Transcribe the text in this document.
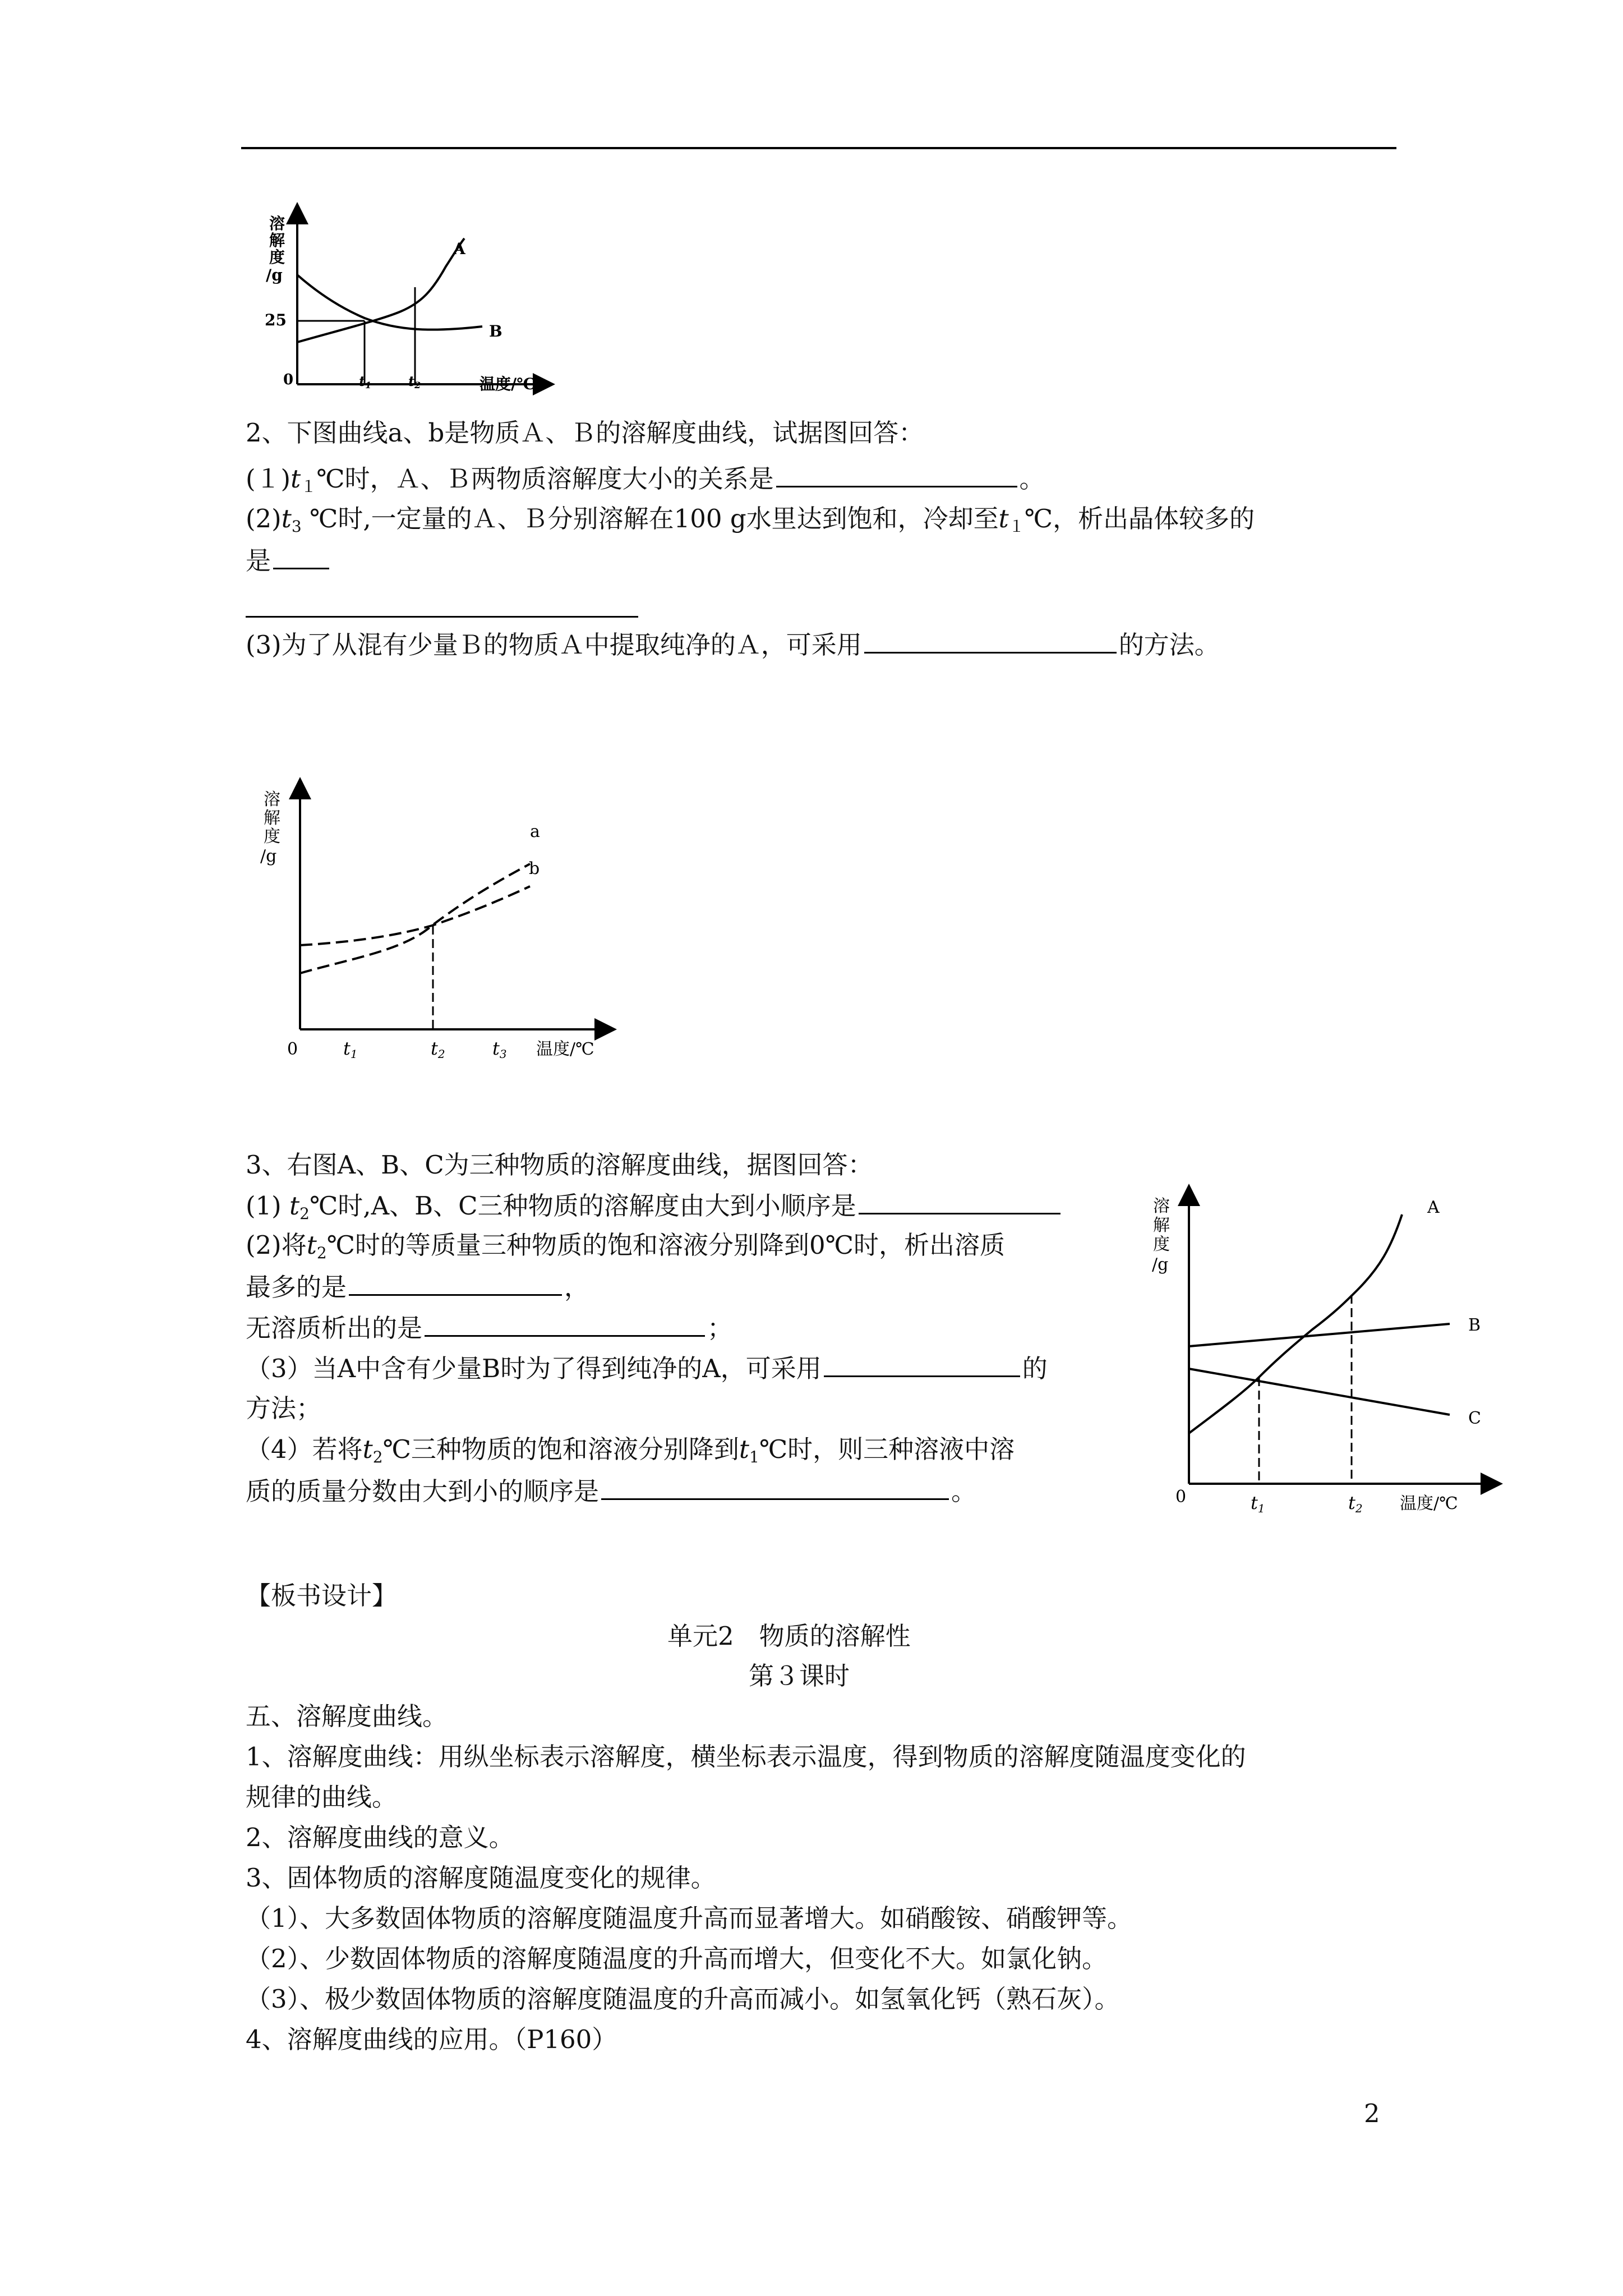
溶
解
度
/g
25
0	t1	t2	温度/℃
A
B
2、下图曲线a、b是物质Ａ、Ｂ的溶解度曲线，试据图回答：
$(1)t_1℃$时，Ａ、Ｂ两物质溶解度大小的关系是	。
$(2)t_3$ ℃时,一定量的Ａ、Ｂ分别溶解在100 g水里达到饱和，冷却至$t_1℃$，析出晶体较多的
是
(3)为了从混有少量Ｂ的物质Ａ中提取纯净的Ａ，可采用	的方法。
溶
解
度
/g
0	t1	t2	t3 温度/℃
a
b
3、右图A、B、C为三种物质的溶解度曲线，据图回答：
(1) $t_2℃$时,A、B、C三种物质的溶解度由大到小顺序是
(2)将$t_2℃$时的等质量三种物质的饱和溶液分别降到0℃时，析出溶质
最多的是	，
无溶质析出的是	；
（3）当A中含有少量B时为了得到纯净的A，可采用	的
方法；
（4）若将$t_2℃$三种物质的饱和溶液分别降到$t_1℃$时，则三种溶液中溶
质的质量分数由大到小的顺序是	。
溶
解
度
/g
0	t1	t2 温度/℃
A
B
C
【板书设计】
单元2　物质的溶解性
第３课时
五、溶解度曲线。
1、溶解度曲线：用纵坐标表示溶解度，横坐标表示温度，得到物质的溶解度随温度变化的
规律的曲线。
2、溶解度曲线的意义。
3、固体物质的溶解度随温度变化的规律。
（1）、大多数固体物质的溶解度随温度升高而显著增大。如硝酸铵、硝酸钾等。
（2）、少数固体物质的溶解度随温度的升高而增大，但变化不大。如氯化钠。
（3）、极少数固体物质的溶解度随温度的升高而减小。如氢氧化钙（熟石灰）。
4、溶解度曲线的应用。（P160）
2
